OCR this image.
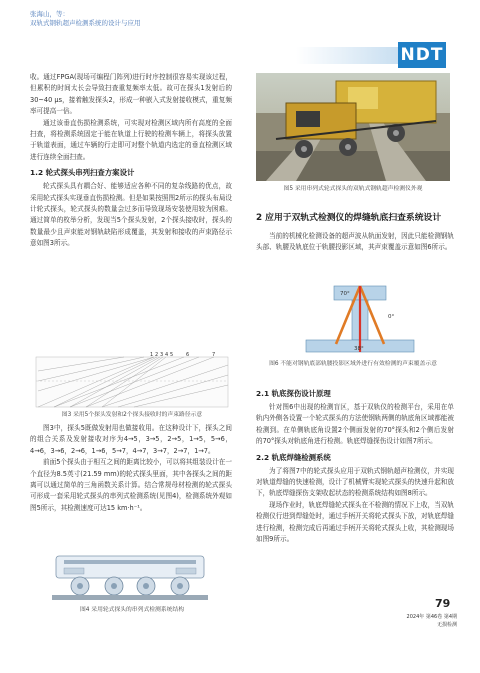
张海山，等：
双轨式钢轨超声检测系统的设计与应用
NDT

收。通过FPGA(现场可编程门阵列)进行时序控制很容易实现该过程，但累积的时间太长会导致扫查重复频率太低。故可在探头1发射后的30~40 μs，接着触发探头2，形成一种嵌入式发射接收模式，重复频率可提高一倍。

通过该垂直伤损检测系统，可实现对检测区域内所有高度的全面扫查，将检测系统固定于能在轨道上行驶的检测车辆上，将探头放置于轨道表面，通过车辆的行走即可对整个轨道内选定的垂直检测区域进行连续全面扫查。

1.2 轮式探头串列扫查方案设计

轮式探头具有耦合好、能够适应各种不同的复杂线路的优点，故采用轮式探头实现垂直伤损检测。但是如果按照图2所示的探头布局设计轮式探头，轮式探头的数量会过多而导致现场安装使用较为困难。通过简单的枚举分析，发现当5个探头发射，2个探头接收时，探头的数量最少且声束能对钢轨缺陷形成覆盖，其发射和接收的声束路径示意如图3所示。

1 2 3 4 5	6	7
图3 采用5个探头发射和2个探头接收时的声束路径示意

图3中，探头5既做发射用也做接收用。在这种设计下，探头之间的组合关系及发射接收对序为4→5，3→5，2→5，1→5，5→6，4→6，3→6，2→6，1→6，5→7，4→7，3→7，2→7，1→7。

前面5个探头由于相互之间的距离比较小，可以将其组装设计在一个直径为8.5英寸(21.59 mm)的轮式探头里面，其中各探头之间的距离可以通过简单的三角函数关系计算。结合常规母材检测的轮式探头可形成一套采用轮式探头的串列式检测系统(见图4)，检测系统外观如图5所示，其检测速度可达15 km·h⁻¹。

图4 采用轮式探头的串列式检测系统结构
图5 采用串列式轮式探头的双轨式钢轨超声检测仪外观
2 应用于双轨式检测仪的焊缝轨底扫查系统设计

当前的机械化检测设备的超声波从轨面发射，因此只能检测钢轨头部、轨腰及轨底位于轨腰投影区域，其声束覆盖示意如图6所示。

70°
0°
38°
图6 不能对钢轨底部轨腰投影区域外进行有效检测的声束覆盖示意
2.1 轨底探伤设计原理

针对图6中出现的检测盲区，基于双轨仪的检测平台，采用在单轨内外侧各设置一个轮式探头的方法使钢轨两侧的轨底角区域都能被检测到。在单侧轨底角设置2个侧面发射的70°探头和2个侧后发射的70°探头对轨底角进行检测。轨底焊缝探伤设计如图7所示。

2.2 轨底焊缝检测系统

为了将图7中的轮式探头应用于双轨式钢轨超声检测仪，并实现对轨道焊缝的快速检测，设计了机械臂实现轮式探头的快速升起和放下，轨底焊缝探伤支架收起状态的检测系统结构如图8所示。

现场作业时，轨底焊缝轮式探头在不检测的情况下上收，当双轨检测仪行进到焊缝处时，通过手柄开关将轮式探头下放，对轨底焊缝进行检测，检测完成后再通过手柄开关将轮式探头上收，其检测现场如图9所示。

79
2024年 第46卷 第4期
无损检测
